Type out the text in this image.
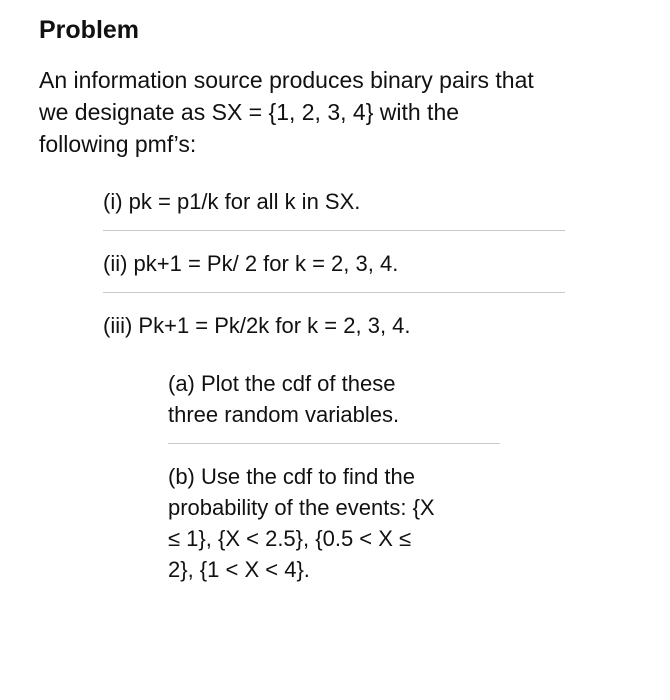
Problem

An information source produces binary pairs that
we designate as SX = {1, 2, 3, 4} with the
following pmf’s:

(i) pk = p1/k for all k in SX.

(ii) pk+1 = Pk/ 2 for k = 2, 3, 4.

(iii) Pk+1 = Pk/2k for k = 2, 3, 4.

(a) Plot the cdf of these
three random variables.

(b) Use the cdf to find the
probability of the events: {X
≤ 1}, {X < 2.5}, {0.5 < X ≤
2}, {1 < X < 4}.
